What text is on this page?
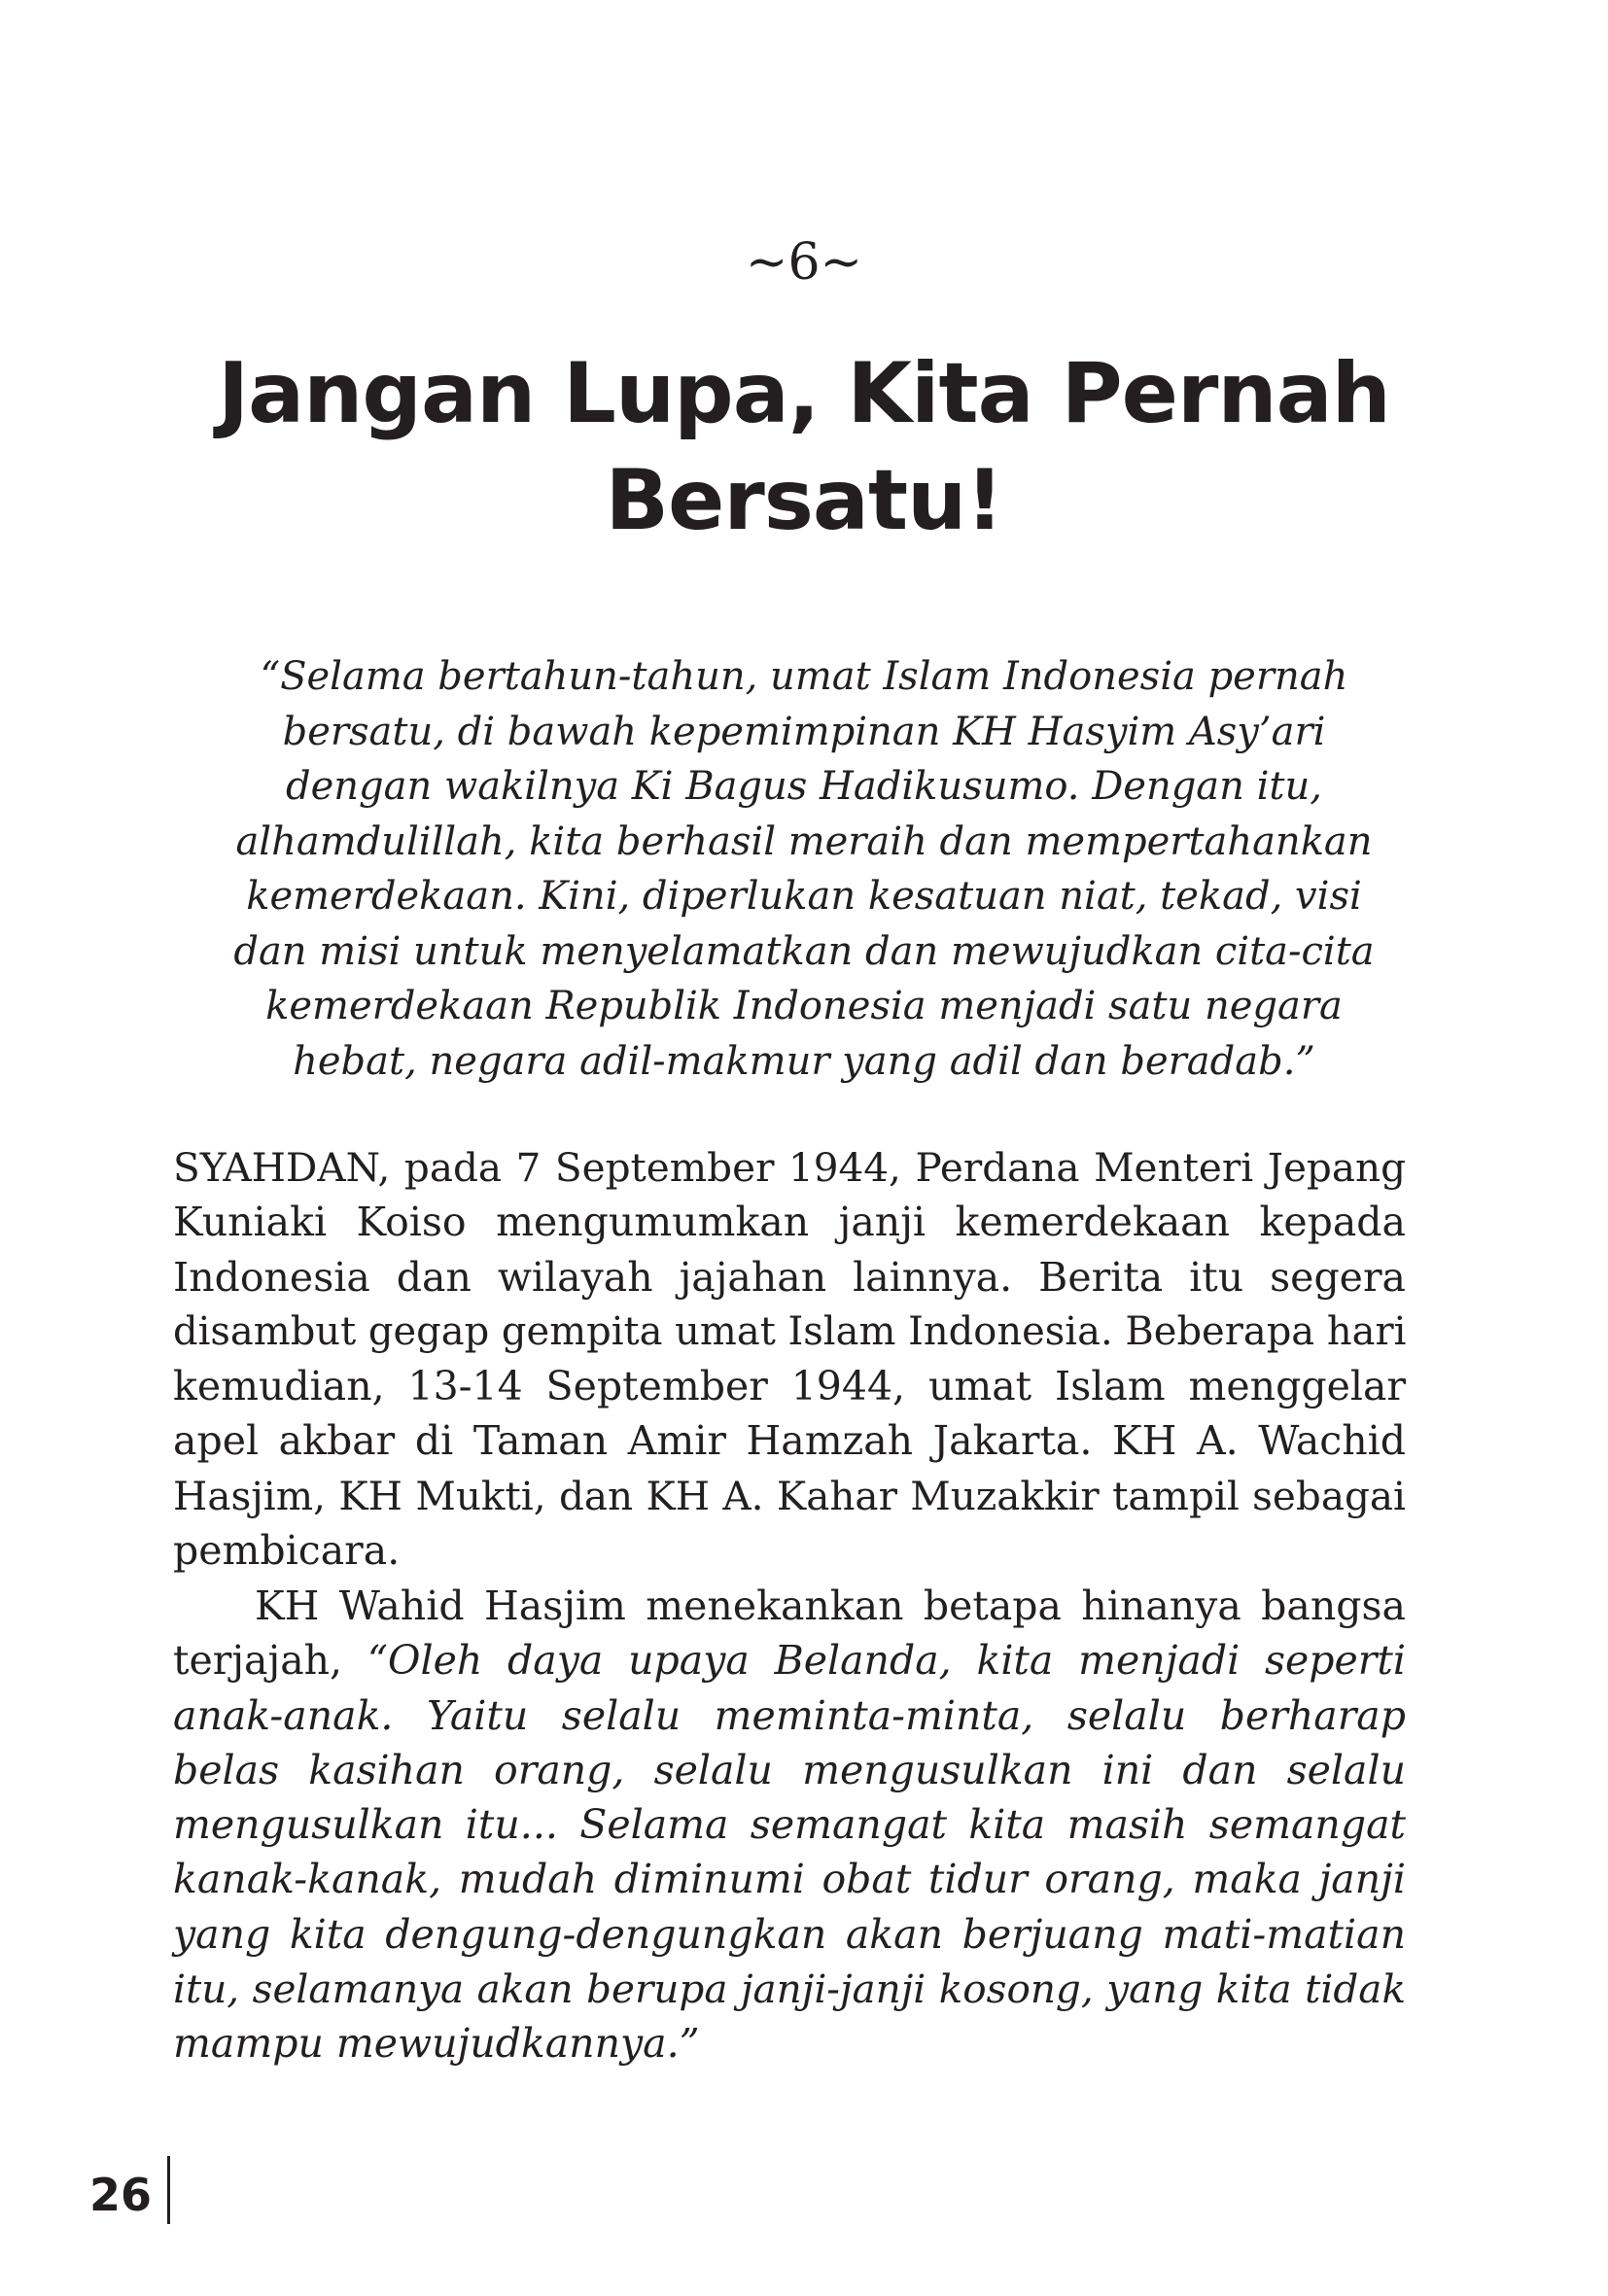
~6~
Jangan Lupa, Kita Pernah
Bersatu!
“Selama bertahun-tahun, umat Islam Indonesia pernah
bersatu, di bawah kepemimpinan KH Hasyim Asy’ari
dengan wakilnya Ki Bagus Hadikusumo. Dengan itu,
alhamdulillah, kita berhasil meraih dan mempertahankan
kemerdekaan. Kini, diperlukan kesatuan niat, tekad, visi
dan misi untuk menyelamatkan dan mewujudkan cita-cita
kemerdekaan Republik Indonesia menjadi satu negara
hebat, negara adil-makmur yang adil dan beradab.”
SYAHDAN, pada 7 September 1944, Perdana Menteri Jepang
Kuniaki Koiso mengumumkan janji kemerdekaan kepada
Indonesia dan wilayah jajahan lainnya. Berita itu segera
disambut gegap gempita umat Islam Indonesia. Beberapa hari
kemudian, 13-14 September 1944, umat Islam menggelar
apel akbar di Taman Amir Hamzah Jakarta. KH A. Wachid
Hasjim, KH Mukti, dan KH A. Kahar Muzakkir tampil sebagai
pembicara.
KH Wahid Hasjim menekankan betapa hinanya bangsa
terjajah, “Oleh daya upaya Belanda, kita menjadi seperti
anak-anak. Yaitu selalu meminta-minta, selalu berharap
belas kasihan orang, selalu mengusulkan ini dan selalu
mengusulkan itu... Selama semangat kita masih semangat
kanak-kanak, mudah diminumi obat tidur orang, maka janji
yang kita dengung-dengungkan akan berjuang mati-matian
itu, selamanya akan berupa janji-janji kosong, yang kita tidak
mampu mewujudkannya.”
26
